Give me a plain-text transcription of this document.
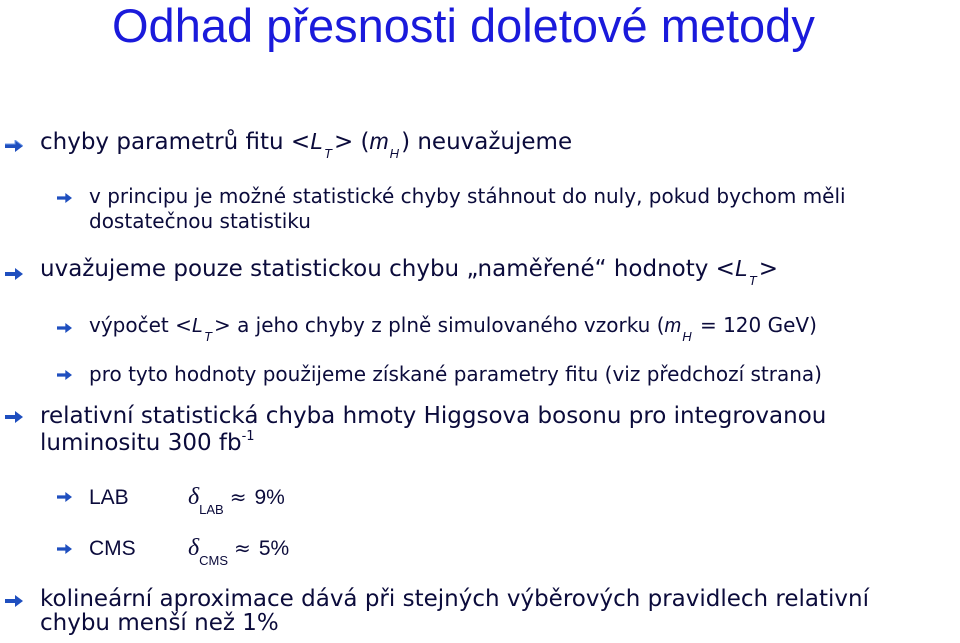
Odhad přesnosti doletové metody
chyby parametrů fitu $<L_T> (m_H)$ neuvažujeme
v principu je možné statistické chyby stáhnout do nuly, pokud bychom měli
dostatečnou statistiku
uvažujeme pouze statistickou chybu „naměřené“ hodnoty $<L_T>$
výpočet $<L_T > a$ jeho chyby z plně simulovaného vzorku ($m_H = 120$ GeV)
pro tyto hodnoty použijeme získané parametry fitu (viz předchozí strana)
relativní statistická chyba hmoty Higgsova bosonu pro integrovanou
luminositu 300 $fb^{-1}$
LAB $\delta_{LAB}\approx 9\%$
CMS $\delta_{CMS}\approx 5\%$
kolineární aproximace dává při stejných výběrových pravidlech relativní
chybu menší než 1%
